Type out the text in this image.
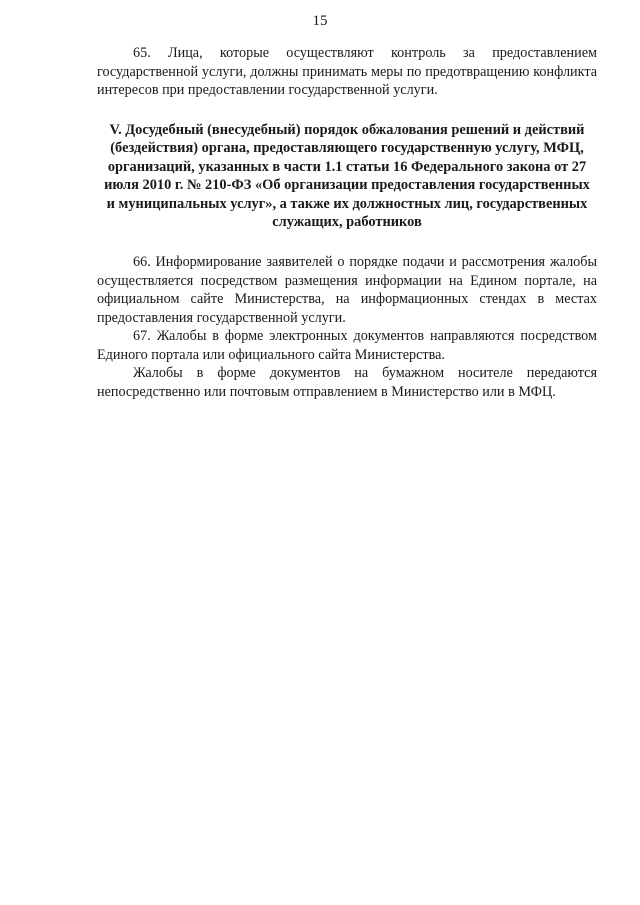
15

65. Лица, которые осуществляют контроль за предоставлением государственной услуги, должны принимать меры по предотвращению конфликта интересов при предоставлении государственной услуги.

V. Досудебный (внесудебный) порядок обжалования решений и действий (бездействия) органа, предоставляющего государственную услугу, МФЦ, организаций, указанных в части 1.1 статьи 16 Федерального закона от 27 июля 2010 г. № 210-ФЗ «Об организации предоставления государственных и муниципальных услуг», а также их должностных лиц, государственных служащих, работников

66. Информирование заявителей о порядке подачи и рассмотрения жалобы осуществляется посредством размещения информации на Едином портале, на официальном сайте Министерства, на информационных стендах в местах предоставления государственной услуги.

67. Жалобы в форме электронных документов направляются посредством Единого портала или официального сайта Министерства.

Жалобы в форме документов на бумажном носителе передаются непосредственно или почтовым отправлением в Министерство или в МФЦ.
